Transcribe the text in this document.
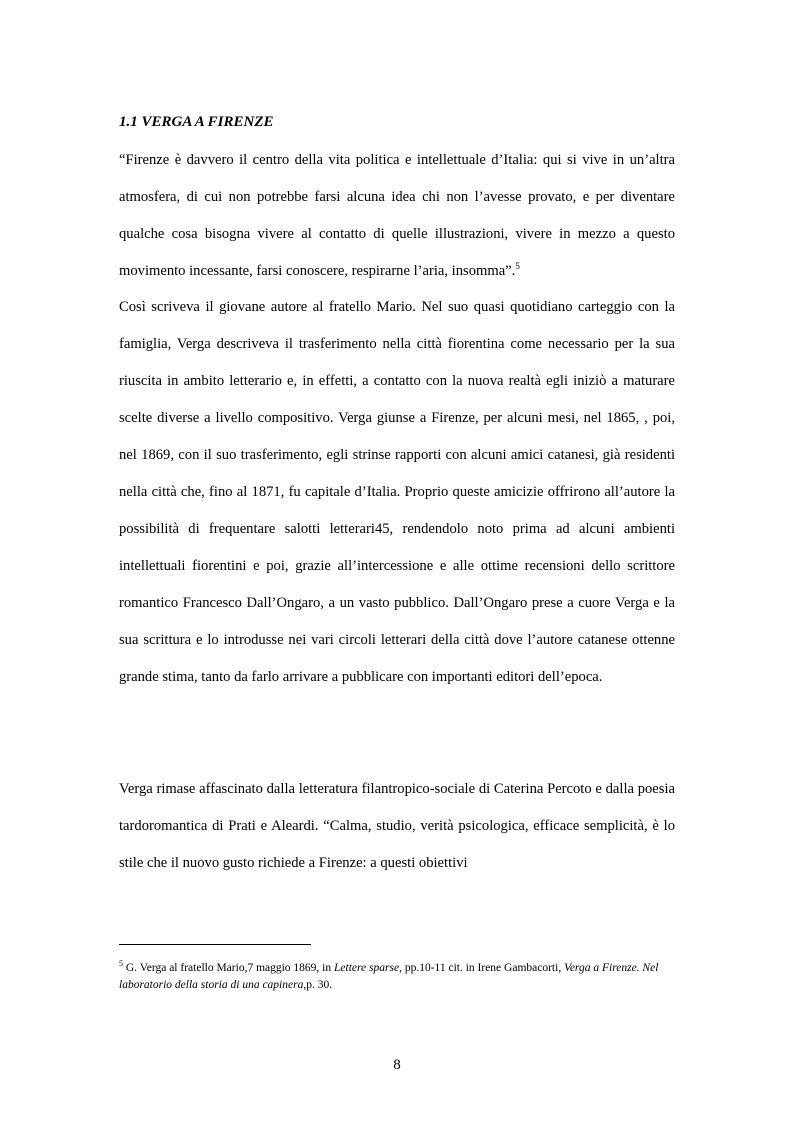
1.1 VERGA A FIRENZE

“Firenze è davvero il centro della vita politica e intellettuale d’Italia: qui si vive in un’altra atmosfera, di cui non potrebbe farsi alcuna idea chi non l’avesse provato, e per diventare qualche cosa bisogna vivere al contatto di quelle illustrazioni, vivere in mezzo a questo movimento incessante, farsi conoscere, respirarne l’aria, insomma”.$^5$

Così scriveva il giovane autore al fratello Mario. Nel suo quasi quotidiano carteggio con la famiglia, Verga descriveva il trasferimento nella città fiorentina come necessario per la sua riuscita in ambito letterario e, in effetti, a contatto con la nuova realtà egli iniziò a maturare scelte diverse a livello compositivo. Verga giunse a Firenze, per alcuni mesi, nel 1865, , poi, nel 1869, con il suo trasferimento, egli strinse rapporti con alcuni amici catanesi, già residenti nella città che, fino al 1871, fu capitale d’Italia. Proprio queste amicizie offrirono all’autore la possibilità di frequentare salotti letterari45, rendendolo noto prima ad alcuni ambienti intellettuali fiorentini e poi, grazie all’intercessione e alle ottime recensioni dello scrittore romantico Francesco Dall’Ongaro, a un vasto pubblico. Dall’Ongaro prese a cuore Verga e la sua scrittura e lo introdusse nei vari circoli letterari della città dove l’autore catanese ottenne grande stima, tanto da farlo arrivare a pubblicare con importanti editori dell’epoca.

Verga rimase affascinato dalla letteratura filantropico-sociale di Caterina Percoto e dalla poesia tardoromantica di Prati e Aleardi. “Calma, studio, verità psicologica, efficace semplicità, è lo stile che il nuovo gusto richiede a Firenze: a questi obiettivi

$^5$ G. Verga al fratello Mario,7 maggio 1869, in Lettere sparse, pp.10-11 cit. in Irene Gambacorti, Verga a Firenze. Nel laboratorio della storia di una capinera,p. 30.

8
